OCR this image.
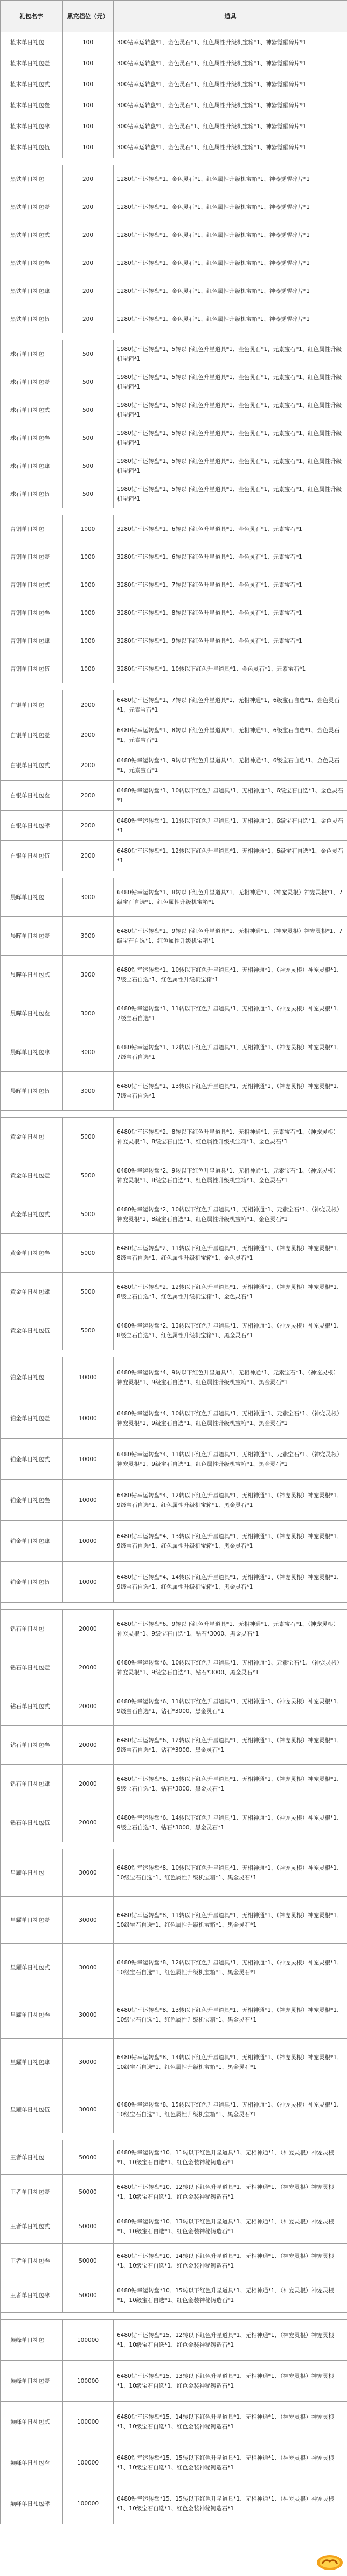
礼包名字	累充档位（元）	道具
植木单日礼包	100	300钻幸运转盘*1、金色灵石*1、红色属性升级机宝箱*1、神器觉醒碎片*1
植木单日礼包壹	100	300钻幸运转盘*1、金色灵石*1、红色属性升级机宝箱*1、神器觉醒碎片*1
植木单日礼包贰	100	300钻幸运转盘*1、金色灵石*1、红色属性升级机宝箱*1、神器觉醒碎片*1
植木单日礼包叁	100	300钻幸运转盘*1、金色灵石*1、红色属性升级机宝箱*1、神器觉醒碎片*1
植木单日礼包肆	100	300钻幸运转盘*1、金色灵石*1、红色属性升级机宝箱*1、神器觉醒碎片*1
植木单日礼包伍	100	300钻幸运转盘*1、金色灵石*1、红色属性升级机宝箱*1、神器觉醒碎片*1

黑铁单日礼包	200	1280钻幸运转盘*1、金色灵石*1、红色属性升级机宝箱*1、神器觉醒碎片*1
黑铁单日礼包壹	200	1280钻幸运转盘*1、金色灵石*1、红色属性升级机宝箱*1、神器觉醒碎片*1
黑铁单日礼包贰	200	1280钻幸运转盘*1、金色灵石*1、红色属性升级机宝箱*1、神器觉醒碎片*1
黑铁单日礼包叁	200	1280钻幸运转盘*1、金色灵石*1、红色属性升级机宝箱*1、神器觉醒碎片*1
黑铁单日礼包肆	200	1280钻幸运转盘*1、金色灵石*1、红色属性升级机宝箱*1、神器觉醒碎片*1
黑铁单日礼包伍	200	1280钻幸运转盘*1、金色灵石*1、红色属性升级机宝箱*1、神器觉醒碎片*1

球石单日礼包	500	1980钻幸运转盘*1、5转以下红色升星道具*1、金色灵石*1、元素宝石*1、红色属性升级机宝箱*1
球石单日礼包壹	500	1980钻幸运转盘*1、5转以下红色升星道具*1、金色灵石*1、元素宝石*1、红色属性升级机宝箱*1
球石单日礼包贰	500	1980钻幸运转盘*1、5转以下红色升星道具*1、金色灵石*1、元素宝石*1、红色属性升级机宝箱*1
球石单日礼包叁	500	1980钻幸运转盘*1、5转以下红色升星道具*1、金色灵石*1、元素宝石*1、红色属性升级机宝箱*1
球石单日礼包肆	500	1980钻幸运转盘*1、5转以下红色升星道具*1、金色灵石*1、元素宝石*1、红色属性升级机宝箱*1
球石单日礼包伍	500	1980钻幸运转盘*1、5转以下红色升星道具*1、金色灵石*1、元素宝石*1、红色属性升级机宝箱*1

青铜单日礼包	1000	3280钻幸运转盘*1、6转以下红色升星道具*1、金色灵石*1、元素宝石*1
青铜单日礼包壹	1000	3280钻幸运转盘*1、6转以下红色升星道具*1、金色灵石*1、元素宝石*1
青铜单日礼包贰	1000	3280钻幸运转盘*1、7转以下红色升星道具*1、金色灵石*1、元素宝石*1
青铜单日礼包叁	1000	3280钻幸运转盘*1、8转以下红色升星道具*1、金色灵石*1、元素宝石*1
青铜单日礼包肆	1000	3280钻幸运转盘*1、9转以下红色升星道具*1、金色灵石*1、元素宝石*1
青铜单日礼包伍	1000	3280钻幸运转盘*1、10转以下红色升星道具*1、金色灵石*1、元素宝石*1

白银单日礼包	2000	6480钻幸运转盘*1、7转以下红色升星道具*1、无相神通*1、6级宝石自选*1、金色灵石*1、元素宝石*1
白银单日礼包壹	2000	6480钻幸运转盘*1、8转以下红色升星道具*1、无相神通*1、6级宝石自选*1、金色灵石*1、元素宝石*1
白银单日礼包贰	2000	6480钻幸运转盘*1、9转以下红色升星道具*1、无相神通*1、6级宝石自选*1、金色灵石*1、元素宝石*1
白银单日礼包叁	2000	6480钻幸运转盘*1、10转以下红色升星道具*1、无相神通*1、6级宝石自选*1、金色灵石*1
白银单日礼包肆	2000	6480钻幸运转盘*1、11转以下红色升星道具*1、无相神通*1、6级宝石自选*1、金色灵石*1
白银单日礼包伍	2000	6480钻幸运转盘*1、12转以下红色升星道具*1、无相神通*1、6级宝石自选*1、金色灵石*1

晨晖单日礼包	3000	6480钻幸运转盘*1、8转以下红色升星道具*1、无相神通*1、（神宠灵根）神宠灵根*1、7级宝石自选*1、红色属性升级机宝箱*1
晨晖单日礼包壹	3000	6480钻幸运转盘*1、9转以下红色升星道具*1、无相神通*1、（神宠灵根）神宠灵根*1、7级宝石自选*1、红色属性升级机宝箱*1
晨晖单日礼包贰	3000	6480钻幸运转盘*1、10转以下红色升星道具*1、无相神通*1、（神宠灵根）神宠灵根*1、7级宝石自选*1、红色属性升级机宝箱*1
晨晖单日礼包叁	3000	6480钻幸运转盘*1、11转以下红色升星道具*1、无相神通*1、（神宠灵根）神宠灵根*1、7级宝石自选*1
晨晖单日礼包肆	3000	6480钻幸运转盘*1、12转以下红色升星道具*1、无相神通*1、（神宠灵根）神宠灵根*1、7级宝石自选*1
晨晖单日礼包伍	3000	6480钻幸运转盘*1、13转以下红色升星道具*1、无相神通*1、（神宠灵根）神宠灵根*1、7级宝石自选*1

黄金单日礼包	5000	6480钻幸运转盘*2、8转以下红色升星道具*1、无相神通*1、元素宝石*1、（神宠灵根）神宠灵根*1、8级宝石自选*1、红色属性升级机宝箱*1、金色灵石*1
黄金单日礼包壹	5000	6480钻幸运转盘*2、9转以下红色升星道具*1、无相神通*1、元素宝石*1、（神宠灵根）神宠灵根*1、8级宝石自选*1、红色属性升级机宝箱*1、金色灵石*1
黄金单日礼包贰	5000	6480钻幸运转盘*2、10转以下红色升星道具*1、无相神通*1、元素宝石*1、（神宠灵根）神宠灵根*1、8级宝石自选*1、红色属性升级机宝箱*1、金色灵石*1
黄金单日礼包叁	5000	6480钻幸运转盘*2、11转以下红色升星道具*1、无相神通*1、（神宠灵根）神宠灵根*1、8级宝石自选*1、红色属性升级机宝箱*1、金色灵石*1
黄金单日礼包肆	5000	6480钻幸运转盘*2、12转以下红色升星道具*1、无相神通*1、（神宠灵根）神宠灵根*1、8级宝石自选*1、红色属性升级机宝箱*1、金色灵石*1
黄金单日礼包伍	5000	6480钻幸运转盘*2、13转以下红色升星道具*1、无相神通*1、（神宠灵根）神宠灵根*1、8级宝石自选*1、红色属性升级机宝箱*1、黑金灵石*1

铂金单日礼包	10000	6480钻幸运转盘*4、9转以下红色升星道具*1、无相神通*1、元素宝石*1、（神宠灵根）神宠灵根*1、9级宝石自选*1、红色属性升级机宝箱*1、黑金灵石*1
铂金单日礼包壹	10000	6480钻幸运转盘*4、10转以下红色升星道具*1、无相神通*1、元素宝石*1、（神宠灵根）神宠灵根*1、9级宝石自选*1、红色属性升级机宝箱*1、黑金灵石*1
铂金单日礼包贰	10000	6480钻幸运转盘*4、11转以下红色升星道具*1、无相神通*1、元素宝石*1、（神宠灵根）神宠灵根*1、9级宝石自选*1、红色属性升级机宝箱*1、黑金灵石*1
铂金单日礼包叁	10000	6480钻幸运转盘*4、12转以下红色升星道具*1、无相神通*1、（神宠灵根）神宠灵根*1、9级宝石自选*1、红色属性升级机宝箱*1、黑金灵石*1
铂金单日礼包肆	10000	6480钻幸运转盘*4、13转以下红色升星道具*1、无相神通*1、（神宠灵根）神宠灵根*1、9级宝石自选*1、红色属性升级机宝箱*1、黑金灵石*1
铂金单日礼包伍	10000	6480钻幸运转盘*4、14转以下红色升星道具*1、无相神通*1、（神宠灵根）神宠灵根*1、9级宝石自选*1、红色属性升级机宝箱*1、黑金灵石*1

钻石单日礼包	20000	6480钻幸运转盘*6、9转以下红色升星道具*1、无相神通*1、元素宝石*1、（神宠灵根）神宠灵根*1、9级宝石自选*1、钻石*3000、黑金灵石*1
钻石单日礼包壹	20000	6480钻幸运转盘*6、10转以下红色升星道具*1、无相神通*1、元素宝石*1、（神宠灵根）神宠灵根*1、9级宝石自选*1、钻石*3000、黑金灵石*1
钻石单日礼包贰	20000	6480钻幸运转盘*6、11转以下红色升星道具*1、无相神通*1、（神宠灵根）神宠灵根*1、9级宝石自选*1、钻石*3000、黑金灵石*1
钻石单日礼包叁	20000	6480钻幸运转盘*6、12转以下红色升星道具*1、无相神通*1、（神宠灵根）神宠灵根*1、9级宝石自选*1、钻石*3000、黑金灵石*1
钻石单日礼包肆	20000	6480钻幸运转盘*6、13转以下红色升星道具*1、无相神通*1、（神宠灵根）神宠灵根*1、9级宝石自选*1、钻石*3000、黑金灵石*1
钻石单日礼包伍	20000	6480钻幸运转盘*6、14转以下红色升星道具*1、无相神通*1、（神宠灵根）神宠灵根*1、9级宝石自选*1、钻石*3000、黑金灵石*1

星耀单日礼包	30000	6480钻幸运转盘*8、10转以下红色升星道具*1、无相神通*1、（神宠灵根）神宠灵根*1、10级宝石自选*1、红色属性升级机宝箱*1、黑金灵石*1
星耀单日礼包壹	30000	6480钻幸运转盘*8、11转以下红色升星道具*1、无相神通*1、（神宠灵根）神宠灵根*1、10级宝石自选*1、红色属性升级机宝箱*1、黑金灵石*1
星耀单日礼包贰	30000	6480钻幸运转盘*8、12转以下红色升星道具*1、无相神通*1、（神宠灵根）神宠灵根*1、10级宝石自选*1、红色属性升级机宝箱*1、黑金灵石*1
星耀单日礼包叁	30000	6480钻幸运转盘*8、13转以下红色升星道具*1、无相神通*1、（神宠灵根）神宠灵根*1、10级宝石自选*1、红色属性升级机宝箱*1、黑金灵石*1
星耀单日礼包肆	30000	6480钻幸运转盘*8、14转以下红色升星道具*1、无相神通*1、（神宠灵根）神宠灵根*1、10级宝石自选*1、红色属性升级机宝箱*1、黑金灵石*1
星耀单日礼包伍	30000	6480钻幸运转盘*8、15转以下红色升星道具*1、无相神通*1、（神宠灵根）神宠灵根*1、10级宝石自选*1、红色属性升级机宝箱*1、黑金灵石*1

王者单日礼包	50000	6480钻幸运转盘*10、11转以下红色升星道具*1、无相神通*1、（神宠灵根）神宠灵根*1、10级宝石自选*1、红色金装神秘铸造石*1
王者单日礼包壹	50000	6480钻幸运转盘*10、12转以下红色升星道具*1、无相神通*1、（神宠灵根）神宠灵根*1、10级宝石自选*1、红色金装神秘铸造石*1
王者单日礼包贰	50000	6480钻幸运转盘*10、13转以下红色升星道具*1、无相神通*1、（神宠灵根）神宠灵根*1、10级宝石自选*1、红色金装神秘铸造石*1
王者单日礼包叁	50000	6480钻幸运转盘*10、14转以下红色升星道具*1、无相神通*1、（神宠灵根）神宠灵根*1、10级宝石自选*1、红色金装神秘铸造石*1
王者单日礼包肆	50000	6480钻幸运转盘*10、15转以下红色升星道具*1、无相神通*1、（神宠灵根）神宠灵根*1、10级宝石自选*1、红色金装神秘铸造石*1

巅峰单日礼包	100000	6480钻幸运转盘*15、12转以下红色升星道具*1、无相神通*1、（神宠灵根）神宠灵根*1、10级宝石自选*1、红色金装神秘铸造石*1
巅峰单日礼包壹	100000	6480钻幸运转盘*15、13转以下红色升星道具*1、无相神通*1、（神宠灵根）神宠灵根*1、10级宝石自选*1、红色金装神秘铸造石*1
巅峰单日礼包贰	100000	6480钻幸运转盘*15、14转以下红色升星道具*1、无相神通*1、（神宠灵根）神宠灵根*1、10级宝石自选*1、红色金装神秘铸造石*1
巅峰单日礼包叁	100000	6480钻幸运转盘*15、15转以下红色升星道具*1、无相神通*1、（神宠灵根）神宠灵根*1、10级宝石自选*1、红色金装神秘铸造石*1
巅峰单日礼包肆	100000	6480钻幸运转盘*15、15转以下红色升星道具*1、无相神通*1、（神宠灵根）神宠灵根*1、10级宝石自选*1、红色金装神秘铸造石*1
